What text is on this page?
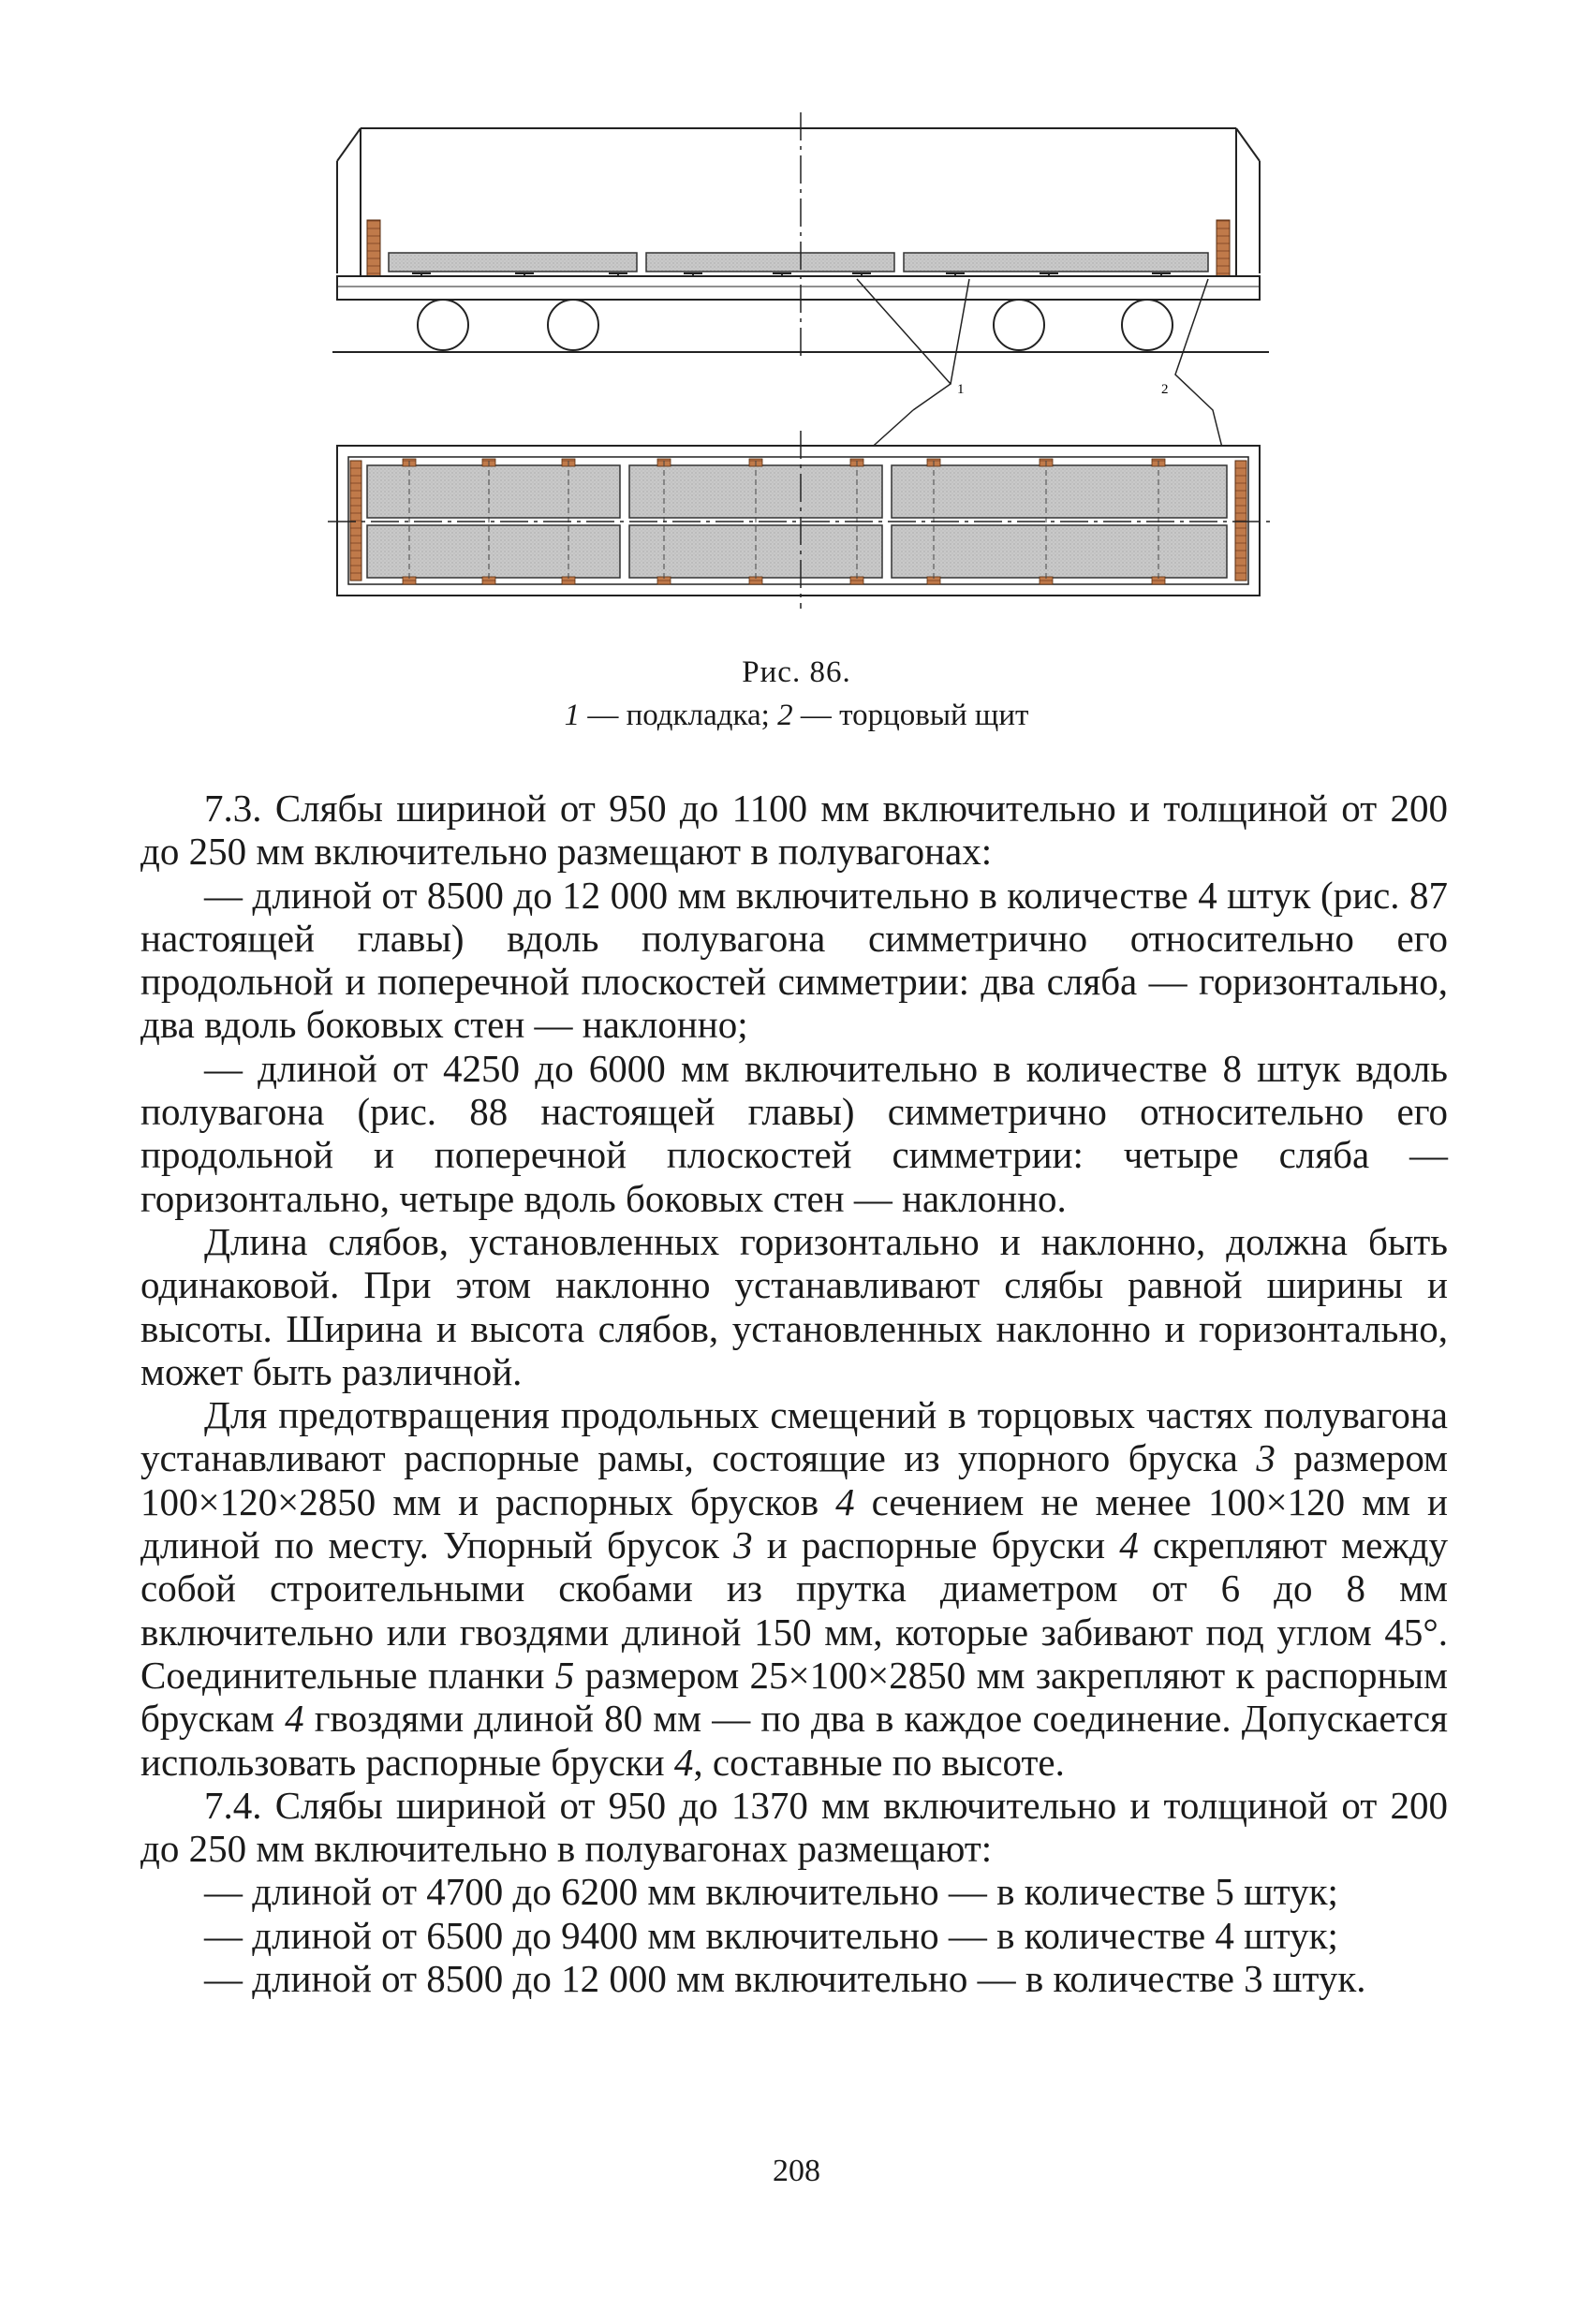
1	2
Рис. 86.
1 — подкладка; 2 — торцовый щит

7.3. Слябы шириной от 950 до 1100 мм включительно и толщиной от 200 до 250 мм включительно размещают в полувагонах:

— длиной от 8500 до 12 000 мм включительно в количестве 4 штук (рис. 87 настоящей главы) вдоль полувагона симметрично относительно его продольной и поперечной плоскостей симметрии: два сляба — горизонтально, два вдоль боковых стен — наклонно;

— длиной от 4250 до 6000 мм включительно в количестве 8 штук вдоль полувагона (рис. 88 настоящей главы) симметрично относительно его продольной и поперечной плоскостей симметрии: четыре сляба — горизонтально, четыре вдоль боковых стен — наклонно.

Длина слябов, установленных горизонтально и наклонно, должна быть одинаковой. При этом наклонно устанавливают слябы равной ширины и высоты. Ширина и высота слябов, установленных наклонно и горизонтально, может быть различной.

Для предотвращения продольных смещений в торцовых частях полувагона устанавливают распорные рамы, состоящие из упорного бруска 3 размером 100×120×2850 мм и распорных брусков 4 сечением не менее 100×120 мм и длиной по месту. Упорный брусок 3 и распорные бруски 4 скрепляют между собой строительными скобами из прутка диаметром от 6 до 8 мм включительно или гвоздями длиной 150 мм, которые забивают под углом 45°. Соединительные планки 5 размером 25×100×2850 мм закрепляют к распорным брускам 4 гвоздями длиной 80 мм — по два в каждое соединение. Допускается использовать распорные бруски 4, составные по высоте.

7.4. Слябы шириной от 950 до 1370 мм включительно и толщиной от 200 до 250 мм включительно в полувагонах размещают:

— длиной от 4700 до 6200 мм включительно — в количестве 5 штук;

— длиной от 6500 до 9400 мм включительно — в количестве 4 штук;

— длиной от 8500 до 12 000 мм включительно — в количестве 3 штук.

208
